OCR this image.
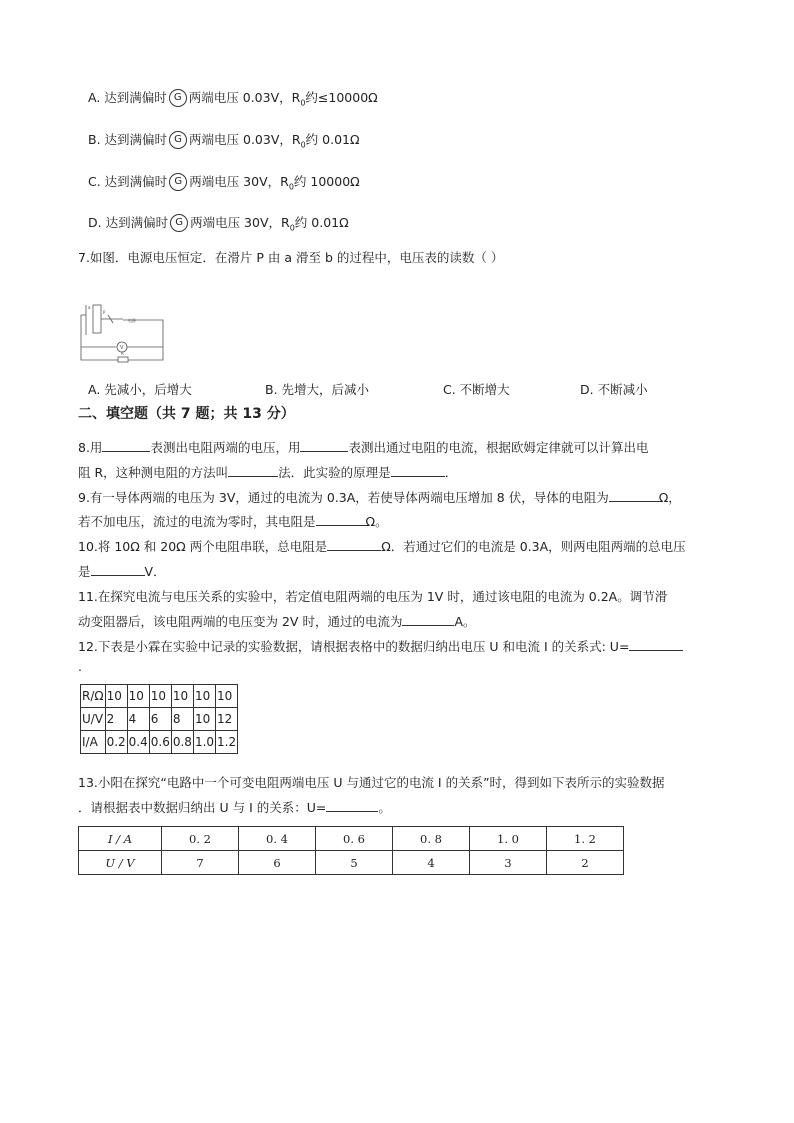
A. 达到满偏时 G 两端电压 0.03V，$R_0$约≤10000Ω
B. 达到满偏时 G 两端电压 0.03V，$R_0$约 0.01Ω
C. 达到满偏时 G 两端电压 30V，$R_0$约 10000Ω
D. 达到满偏时 G 两端电压 30V，$R_0$约 0.01Ω
7.如图．电源电压恒定．在滑片 P 由 a 滑至 b 的过程中，电压表的读数（ ）
P
a
电源
V
R
A. 先减小，后增大	B. 先增大，后减小	C. 不断增大	D. 不断减小
二、填空题（共 7 题；共 13 分）
8.用	表测出电阻两端的电压，用	表测出通过电阻的电流，根据欧姆定律就可以计算出电
阻 R，这种测电阻的方法叫	法．此实验的原理是	．
9.有一导体两端的电压为 3V，通过的电流为 0.3A，若使导体两端电压增加 8 伏，导体的电阻为	Ω，
若不加电压，流过的电流为零时，其电阻是	Ω。
10.将 10Ω 和 20Ω 两个电阻串联，总电阻是	Ω．若通过它们的电流是 0.3A，则两电阻两端的总电压
是	V．
11.在探究电流与电压关系的实验中，若定值电阻两端的电压为 1V 时，通过该电阻的电流为 0.2A。调节滑
动变阻器后，该电阻两端的电压变为 2V 时，通过的电流为	A。
12.下表是小霖在实验中记录的实验数据，请根据表格中的数据归纳出电压 U 和电流 I 的关系式: U=
.
R/Ω	10	10	10	10	10	10
U/V	2	4	6	8	10	12
I/A	0.2	0.4	0.6	0.8	1.0	1.2
13.小阳在探究“电路中一个可变电阻两端电压 U 与通过它的电流 I 的关系”时，得到如下表所示的实验数据
．请根据表中数据归纳出 U 与 I 的关系：U=	。
I / A	0. 2	0. 4	0. 6	0. 8	1. 0	1. 2
U / V	7	6	5	4	3	2
